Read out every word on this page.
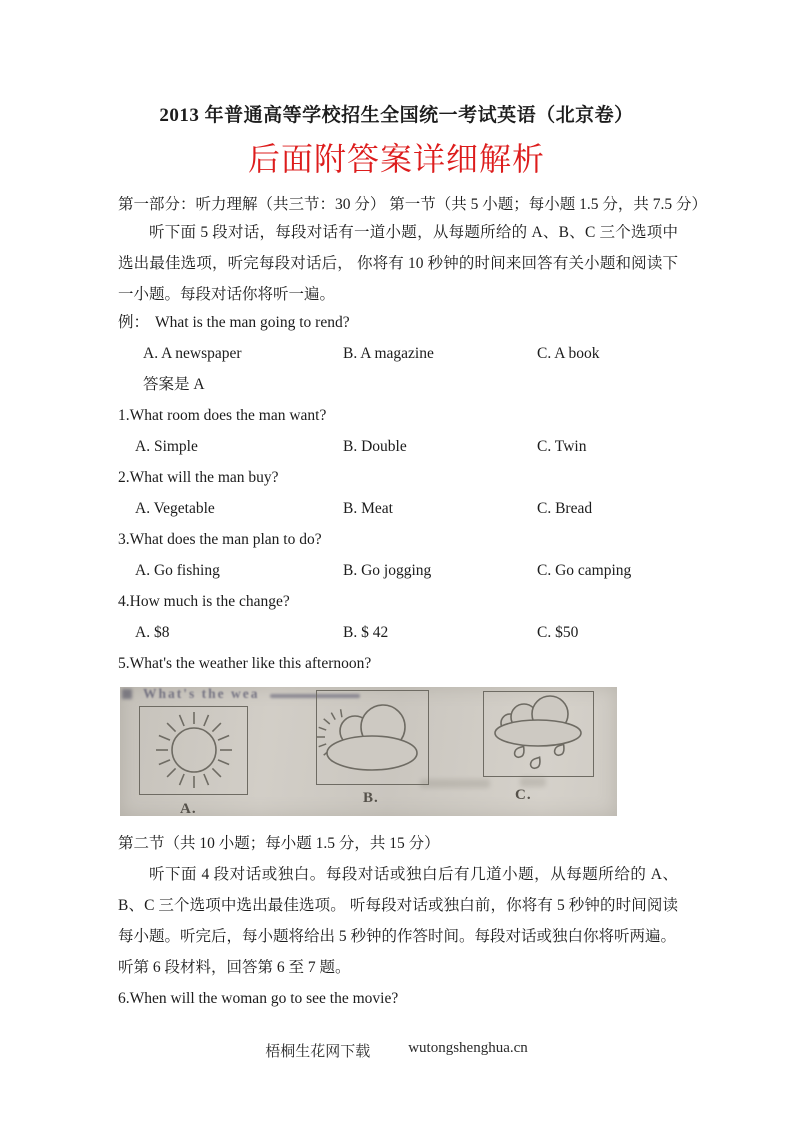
2013 年普通高等学校招生全国统一考试英语（北京卷）
后面附答案详细解析
第一部分：听力理解（共三节：30 分） 第一节（共 5 小题；每小题 1.5 分，共 7.5 分）

听下面 5 段对话，每段对话有一道小题，从每题所给的 A、B、C 三个选项中选出最佳选项，听完每段对话后， 你将有 10 秒钟的时间来回答有关小题和阅读下一小题。每段对话你将听一遍。

例： What is the man going to rend?
A. A newspaper	B. A magazine	C. A book
答案是 A
1.What room does the man want?
A. Simple	B. Double	C. Twin
2.What will the man buy?
A. Vegetable	B. Meat	C. Bread
3.What does the man plan to do?
A. Go fishing	B. Go jogging	C. Go camping
4.How much is the change?
A. $8	B. $ 42	C. $50
5.What's the weather like this afternoon?
What's the wea
A.
B.	C.
第二节（共 10 小题；每小题 1.5 分，共 15 分）

听下面 4 段对话或独白。每段对话或独白后有几道小题，从每题所给的 A、B、C 三个选项中选出最佳选项。 听每段对话或独白前，你将有 5 秒钟的时间阅读每小题。听完后，每小题将给出 5 秒钟的作答时间。每段对话或独白你将听两遍。

听第 6 段材料，回答第 6 至 7 题。
6.When will the woman go to see the movie?
梧桐生花网下载	wutongshenghua.cn
